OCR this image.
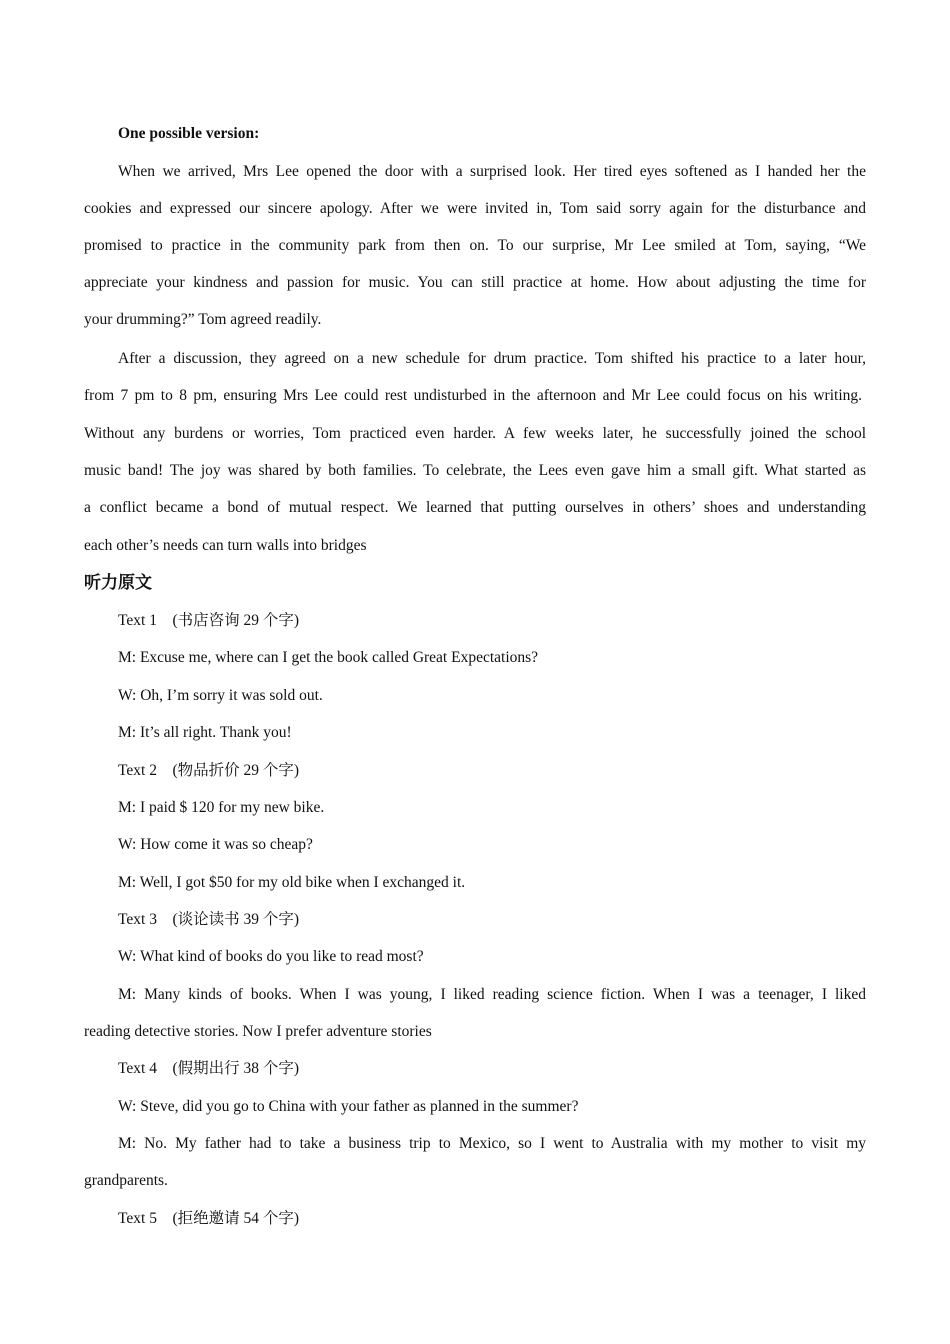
One possible version:
When we arrived, Mrs Lee opened the door with a surprised look. Her tired eyes softened as I handed her the
cookies and expressed our sincere apology. After we were invited in, Tom said sorry again for the disturbance and
promised to practice in the community park from then on. To our surprise, Mr Lee smiled at Tom, saying, “We
appreciate your kindness and passion for music. You can still practice at home. How about adjusting the time for
your drumming?” Tom agreed readily.
After a discussion, they agreed on a new schedule for drum practice. Tom shifted his practice to a later hour,
from 7 pm to 8 pm, ensuring Mrs Lee could rest undisturbed in the afternoon and Mr Lee could focus on his writing.
Without any burdens or worries, Tom practiced even harder. A few weeks later, he successfully joined the school
music band! The joy was shared by both families. To celebrate, the Lees even gave him a small gift. What started as
a conflict became a bond of mutual respect. We learned that putting ourselves in others’ shoes and understanding
each other’s needs can turn walls into bridges
听力原文
Text 1　(书店咨询 29 个字)
M: Excuse me, where can I get the book called Great Expectations?
W: Oh, I’m sorry it was sold out.
M: It’s all right. Thank you!
Text 2　(物品折价 29 个字)
M: I paid $ 120 for my new bike.
W: How come it was so cheap?
M: Well, I got $50 for my old bike when I exchanged it.
Text 3　(谈论读书 39 个字)
W: What kind of books do you like to read most?
M: Many kinds of books. When I was young, I liked reading science fiction. When I was a teenager, I liked
reading detective stories. Now I prefer adventure stories
Text 4　(假期出行 38 个字)
W: Steve, did you go to China with your father as planned in the summer?
M: No. My father had to take a business trip to Mexico, so I went to Australia with my mother to visit my
grandparents.
Text 5　(拒绝邀请 54 个字)
